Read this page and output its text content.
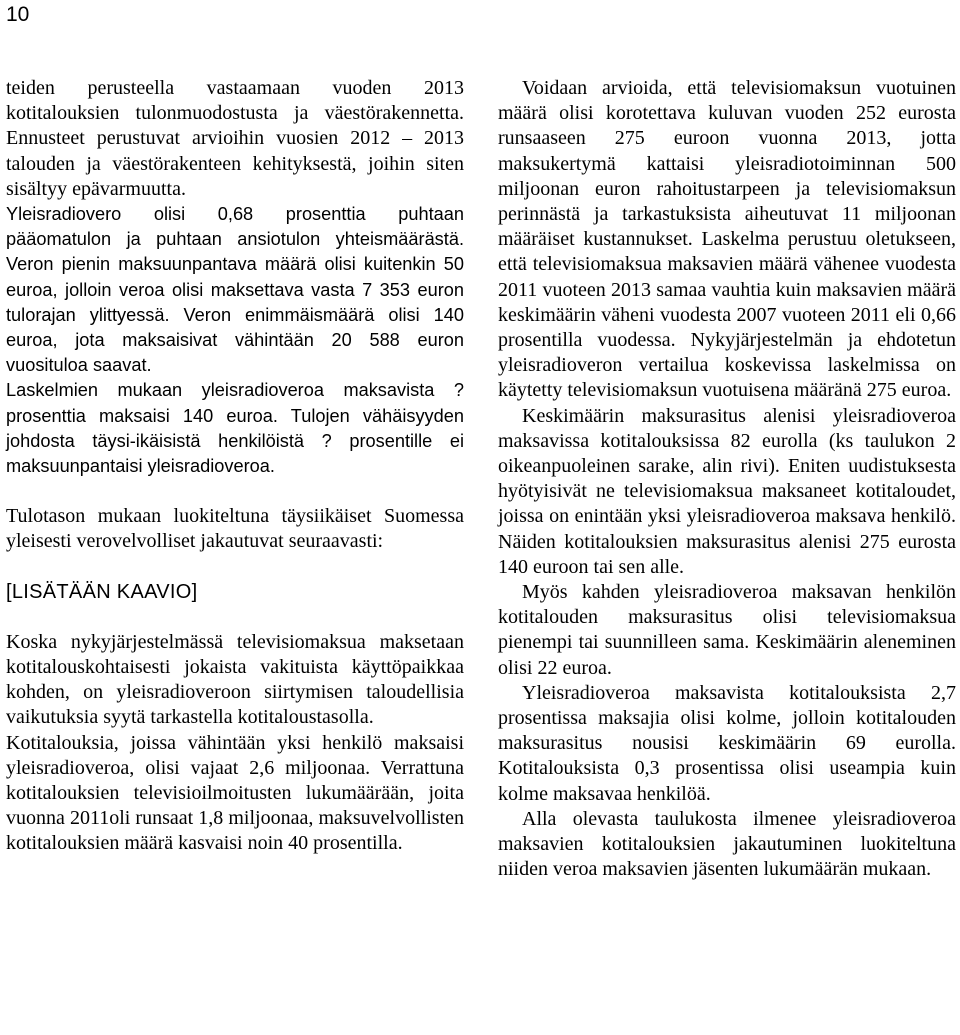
10

teiden perusteella vastaamaan vuoden 2013 kotitalouksien tulonmuodostusta ja väestörakennetta. Ennusteet perustuvat arvioihin vuosien 2012 – 2013 talouden ja väestörakenteen kehityksestä, joihin siten sisältyy epävarmuutta.

Yleisradiovero olisi 0,68 prosenttia puhtaan pääomatulon ja puhtaan ansiotulon yhteismäärästä. Veron pienin maksuunpantava määrä olisi kuitenkin 50 euroa, jolloin veroa olisi maksettava vasta 7 353 euron tulorajan ylittyessä. Veron enimmäismäärä olisi 140 euroa, jota maksaisivat vähintään 20 588 euron vuosituloa saavat.

Laskelmien mukaan yleisradioveroa maksavista ? prosenttia maksaisi 140 euroa. Tulojen vähäisyyden johdosta täysi-ikäisistä henkilöistä ? prosentille ei maksuunpantaisi yleisradioveroa.

Tulotason mukaan luokiteltuna täysiikäiset Suomessa yleisesti verovelvolliset jakautuvat seuraavasti:

[LISÄTÄÄN KAAVIO]

Koska nykyjärjestelmässä televisiomaksua maksetaan kotitalouskohtaisesti jokaista vakituista käyttöpaikkaa kohden, on yleisradioveroon siirtymisen taloudellisia vaikutuksia syytä tarkastella kotitaloustasolla.

Kotitalouksia, joissa vähintään yksi henkilö maksaisi yleisradioveroa, olisi vajaat 2,6 miljoonaa. Verrattuna kotitalouksien televisioilmoitusten lukumäärään, joita vuonna 2011oli runsaat 1,8 miljoonaa, maksuvelvollisten kotitalouksien määrä kasvaisi noin 40 prosentilla.

Voidaan arvioida, että televisiomaksun vuotuinen määrä olisi korotettava kuluvan vuoden 252 eurosta runsaaseen 275 euroon vuonna 2013, jotta maksukertymä kattaisi yleisradiotoiminnan 500 miljoonan euron rahoitustarpeen ja televisiomaksun perinnästä ja tarkastuksista aiheutuvat 11 miljoonan määräiset kustannukset. Laskelma perustuu oletukseen, että televisiomaksua maksavien määrä vähenee vuodesta 2011 vuoteen 2013 samaa vauhtia kuin maksavien määrä keskimäärin väheni vuodesta 2007 vuoteen 2011 eli 0,66 prosentilla vuodessa. Nykyjärjestelmän ja ehdotetun yleisradioveron vertailua koskevissa laskelmissa on käytetty televisiomaksun vuotuisena määränä 275 euroa.

Keskimäärin maksurasitus alenisi yleisradioveroa maksavissa kotitalouksissa 82 eurolla (ks taulukon 2 oikeanpuoleinen sarake, alin rivi). Eniten uudistuksesta hyötyisivät ne televisiomaksua maksaneet kotitaloudet, joissa on enintään yksi yleisradioveroa maksava henkilö. Näiden kotitalouksien maksurasitus alenisi 275 eurosta 140 euroon tai sen alle.

Myös kahden yleisradioveroa maksavan henkilön kotitalouden maksurasitus olisi televisiomaksua pienempi tai suunnilleen sama. Keskimäärin aleneminen olisi 22 euroa.

Yleisradioveroa maksavista kotitalouksista 2,7 prosentissa maksajia olisi kolme, jolloin kotitalouden maksurasitus nousisi keskimäärin 69 eurolla. Kotitalouksista 0,3 prosentissa olisi useampia kuin kolme maksavaa henkilöä.

Alla olevasta taulukosta ilmenee yleisradioveroa maksavien kotitalouksien jakautuminen luokiteltuna niiden veroa maksavien jäsenten lukumäärän mukaan.
